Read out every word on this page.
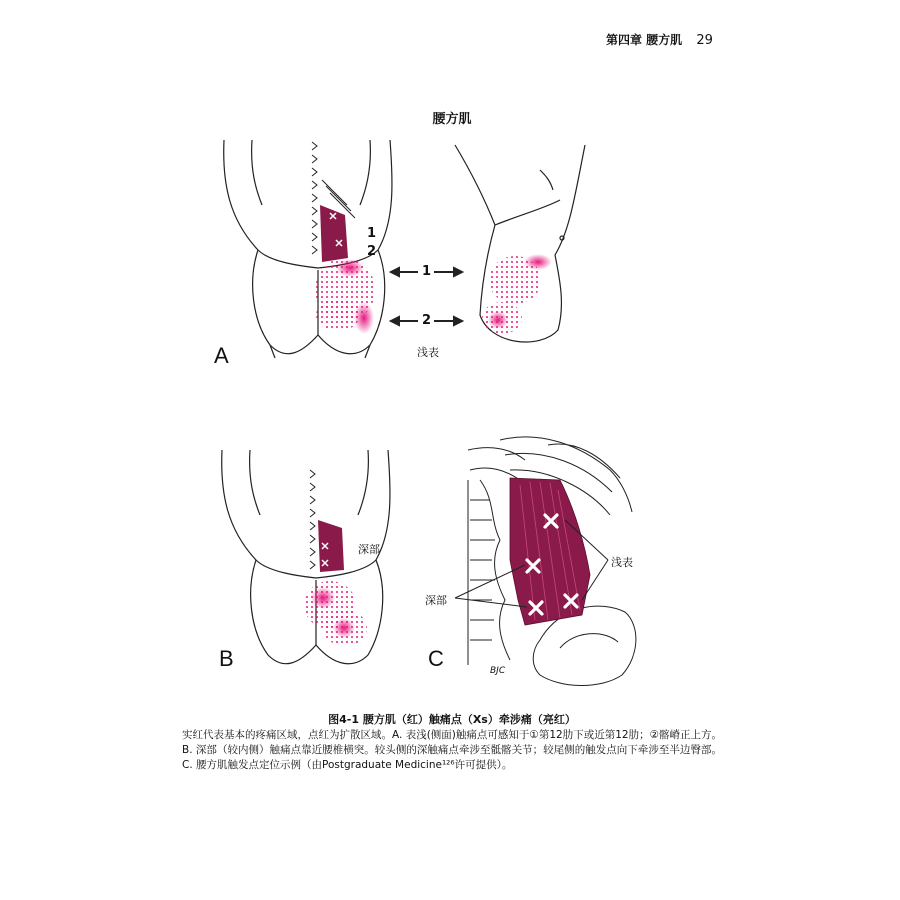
第四章 腰方肌 29
腰方肌
A
1
2
1
2
浅表
B
深部
C
浅表
深部
BJC
图4-1 腰方肌（红）触痛点（Xs）牵涉痛（亮红）
实红代表基本的疼痛区域，点红为扩散区域。A. 表浅(侧面)触痛点可感知于①第12肋下或近第12肋；②髂嵴正上方。B. 深部（较内侧）触痛点靠近腰椎横突。较头侧的深触痛点牵涉至骶髂关节；较尾侧的触发点向下牵涉至半边臀部。C. 腰方肌触发点定位示例（由Postgraduate Medicine¹²⁶许可提供）。
